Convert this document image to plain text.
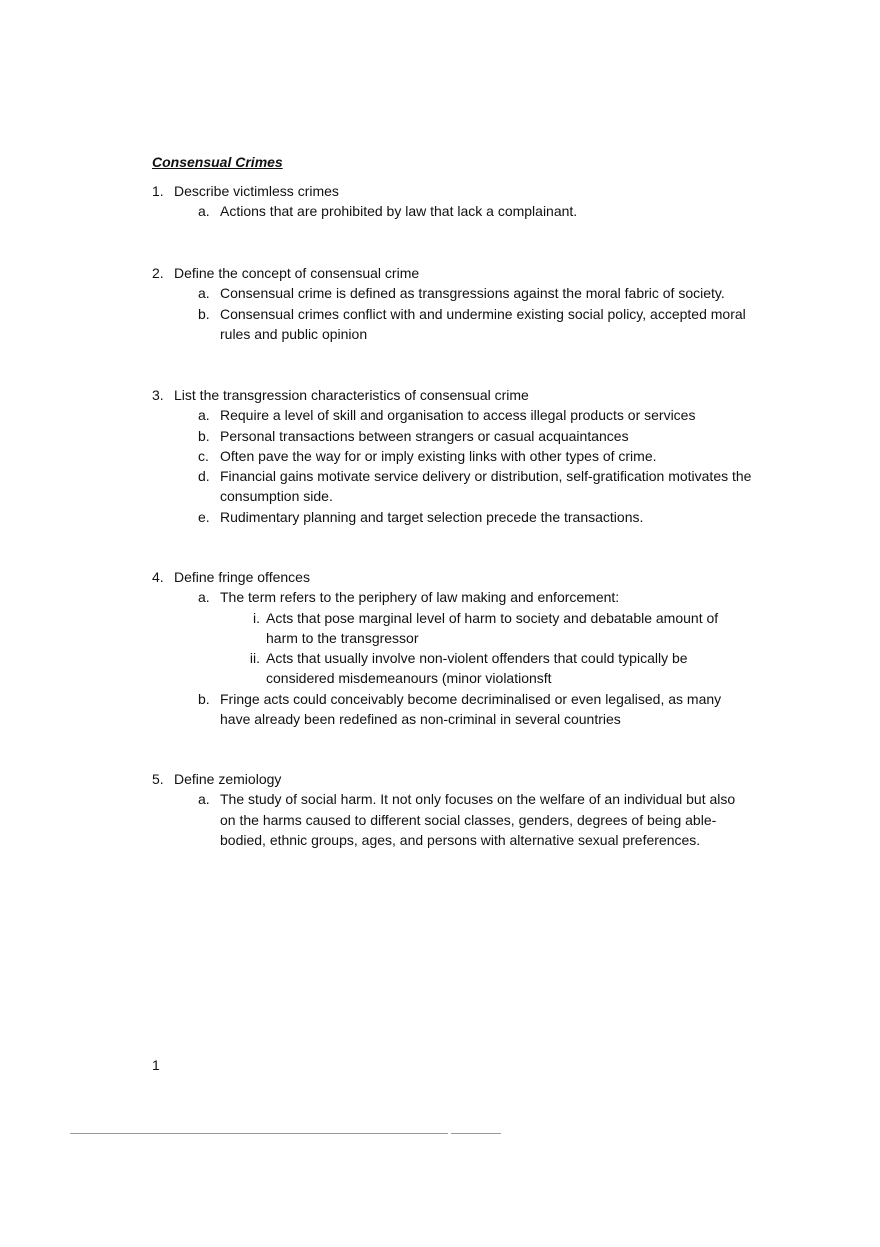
Consensual Crimes
1. Describe victimless crimes
a. Actions that are prohibited by law that lack a complainant.
2. Define the concept of consensual crime
a. Consensual crime is defined as transgressions against the moral fabric of society.
b. Consensual crimes conflict with and undermine existing social policy, accepted moral rules and public opinion
3. List the transgression characteristics of consensual crime
a. Require a level of skill and organisation to access illegal products or services
b. Personal transactions between strangers or casual acquaintances
c. Often pave the way for or imply existing links with other types of crime.
d. Financial gains motivate service delivery or distribution, self-gratification motivates the consumption side.
e. Rudimentary planning and target selection precede the transactions.
4. Define fringe offences
a. The term refers to the periphery of law making and enforcement:
i. Acts that pose marginal level of harm to society and debatable amount of harm to the transgressor
ii. Acts that usually involve non-violent offenders that could typically be considered misdemeanours (minor violationsft
b. Fringe acts could conceivably become decriminalised or even legalised, as many have already been redefined as non-criminal in several countries
5. Define zemiology
a. The study of social harm. It not only focuses on the welfare of an individual but also on the harms caused to different social classes, genders, degrees of being able-bodied, ethnic groups, ages, and persons with alternative sexual preferences.
1
